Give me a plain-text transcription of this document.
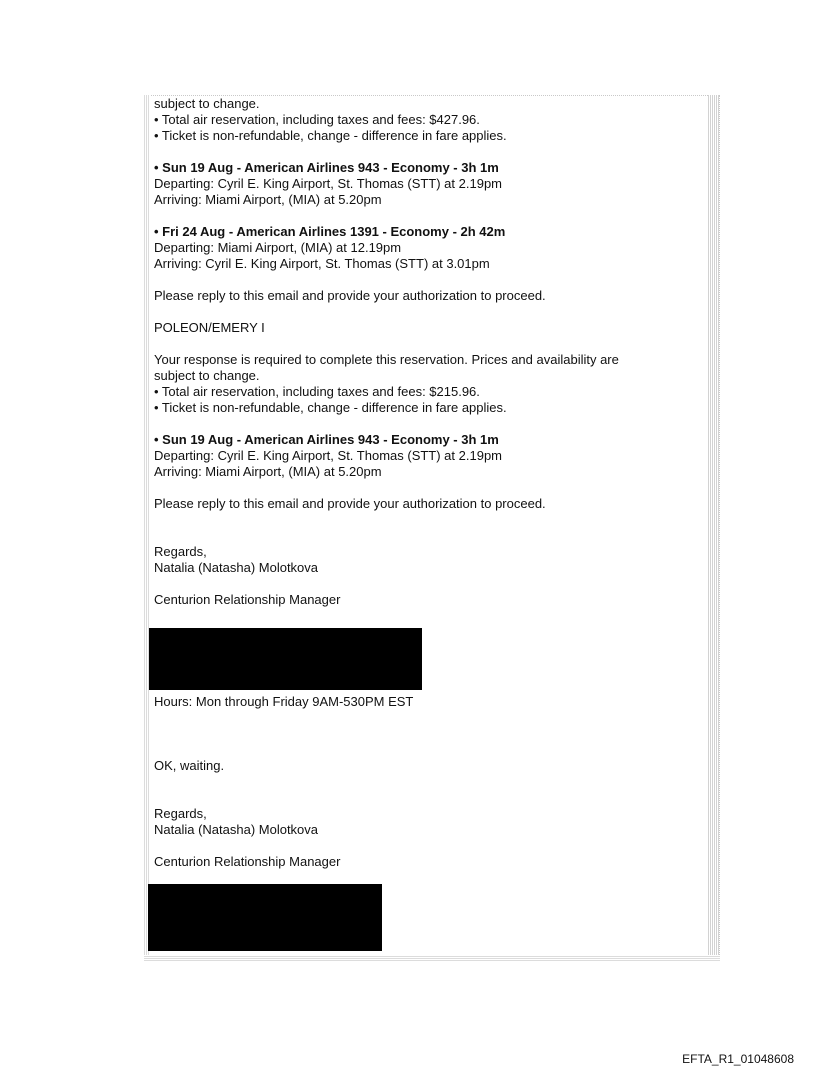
subject to change.
• Total air reservation, including taxes and fees: $427.96.
• Ticket is non-refundable, change - difference in fare applies.
• Sun 19 Aug - American Airlines 943 - Economy - 3h 1m
Departing: Cyril E. King Airport, St. Thomas (STT) at 2.19pm
Arriving: Miami Airport, (MIA) at 5.20pm
• Fri 24 Aug - American Airlines 1391 - Economy - 2h 42m
Departing: Miami Airport, (MIA) at 12.19pm
Arriving: Cyril E. King Airport, St. Thomas (STT) at 3.01pm
Please reply to this email and provide your authorization to proceed.
POLEON/EMERY I
Your response is required to complete this reservation. Prices and availability are
subject to change.
• Total air reservation, including taxes and fees: $215.96.
• Ticket is non-refundable, change - difference in fare applies.
• Sun 19 Aug - American Airlines 943 - Economy - 3h 1m
Departing: Cyril E. King Airport, St. Thomas (STT) at 2.19pm
Arriving: Miami Airport, (MIA) at 5.20pm
Please reply to this email and provide your authorization to proceed.
Regards,
Natalia (Natasha) Molotkova
Centurion Relationship Manager
Hours: Mon through Friday 9AM-530PM EST
OK, waiting.
Regards,
Natalia (Natasha) Molotkova
Centurion Relationship Manager
EFTA_R1_01048608
